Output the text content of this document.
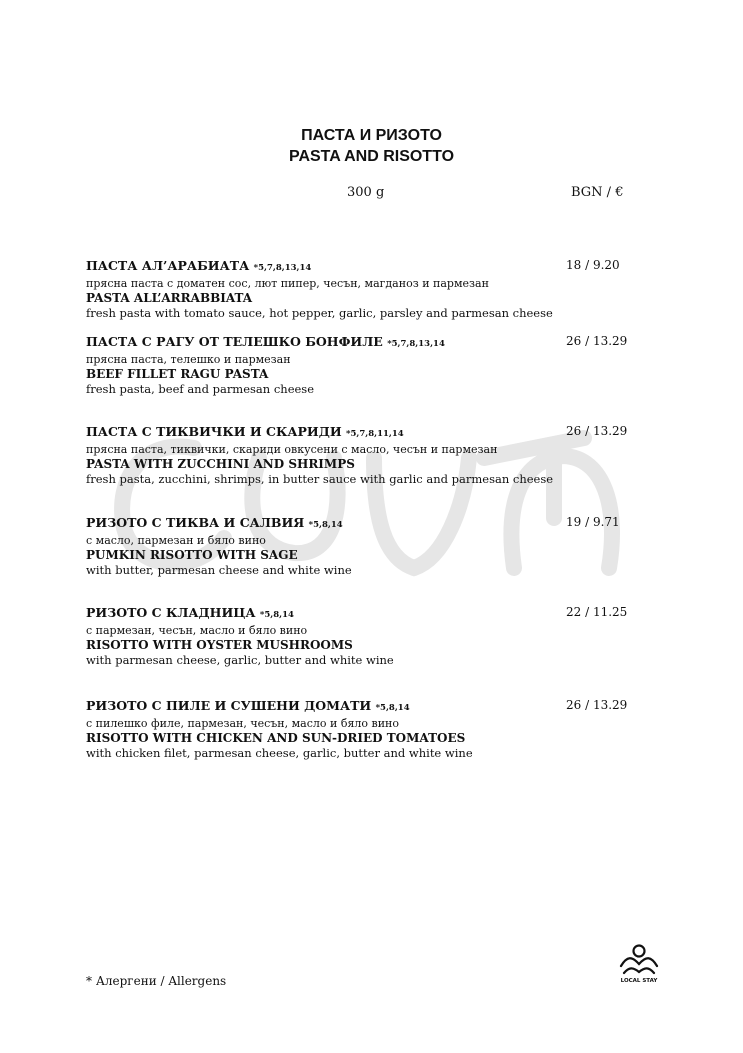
ПАСТА И РИЗОТО
PASTA AND RISOTTO
300 g	BGN / €
ПАСТА АЛ’АРАБИАТА *5,7,8,13,14
прясна паста с доматен сос, лют пипер, чесън, магданоз и пармезан
PASTA ALL’ARRABBIATA
fresh pasta with tomato sauce, hot pepper, garlic, parsley and parmesan cheese
18 / 9.20
ПАСТА С РАГУ ОТ ТЕЛЕШКО БОНФИЛЕ *5,7,8,13,14
прясна паста, телешко и пармезан
BEEF FILLET RAGU PASTA
fresh pasta, beef and parmesan cheese
26 / 13.29
ПАСТА С ТИКВИЧКИ И СКАРИДИ *5,7,8,11,14
прясна паста, тиквички, скариди овкусени с масло, чесън и пармезан
PASTA WITH ZUCCHINI AND SHRIMPS
fresh pasta, zucchini, shrimps, in butter sauce with garlic and parmesan cheese
26 / 13.29
РИЗОТО С ТИКВА И САЛВИЯ *5,8,14
с масло, пармезан и бяло вино
PUMKIN RISOTTO WITH SAGE
with butter, parmesan cheese and white wine
19 / 9.71
РИЗОТО С КЛАДНИЦА *5,8,14
с пармезан, чесън, масло и бяло вино
RISOTTO WITH OYSTER MUSHROOMS
with parmesan cheese, garlic, butter and white wine
22 / 11.25
РИЗОТО С ПИЛЕ И СУШЕНИ ДОМАТИ *5,8,14
с пилешко филе, пармезан, чесън, масло и бяло вино
RISOTTO WITH CHICKEN AND SUN-DRIED TOMATOES
with chicken filet, parmesan cheese, garlic, butter and white wine
26 / 13.29
* Алергени / Allergens	LOCAL STAY
